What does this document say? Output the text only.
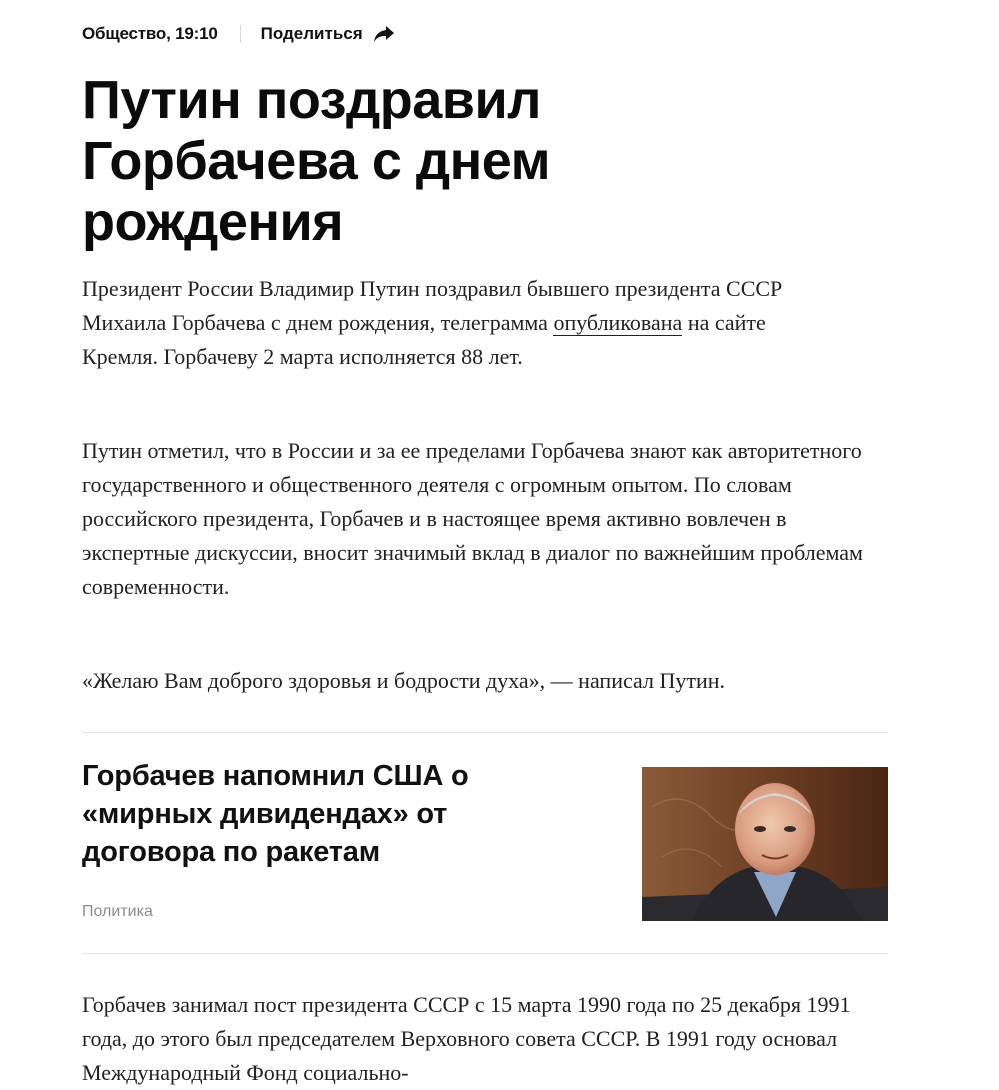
Общество, 19:10	Поделиться
Путин поздравил Горбачева с днем рождения

Президент России Владимир Путин поздравил бывшего президента СССР Михаила Горбачева с днем рождения, телеграмма опубликована на сайте Кремля. Горбачеву 2 марта исполняется 88 лет.

Путин отметил, что в России и за ее пределами Горбачева знают как авторитетного государственного и общественного деятеля с огромным опытом. По словам российского президента, Горбачев и в настоящее время активно вовлечен в экспертные дискуссии, вносит значимый вклад в диалог по важнейшим проблемам современности.

«Желаю Вам доброго здоровья и бодрости духа», — написал Путин.

Горбачев напомнил США о «мирных дивидендах» от договора по ракетам
Политика

Горбачев занимал пост президента СССР с 15 марта 1990 года по 25 декабря 1991 года, до этого был председателем Верховного совета СССР. В 1991 году основал Международный Фонд социально-
